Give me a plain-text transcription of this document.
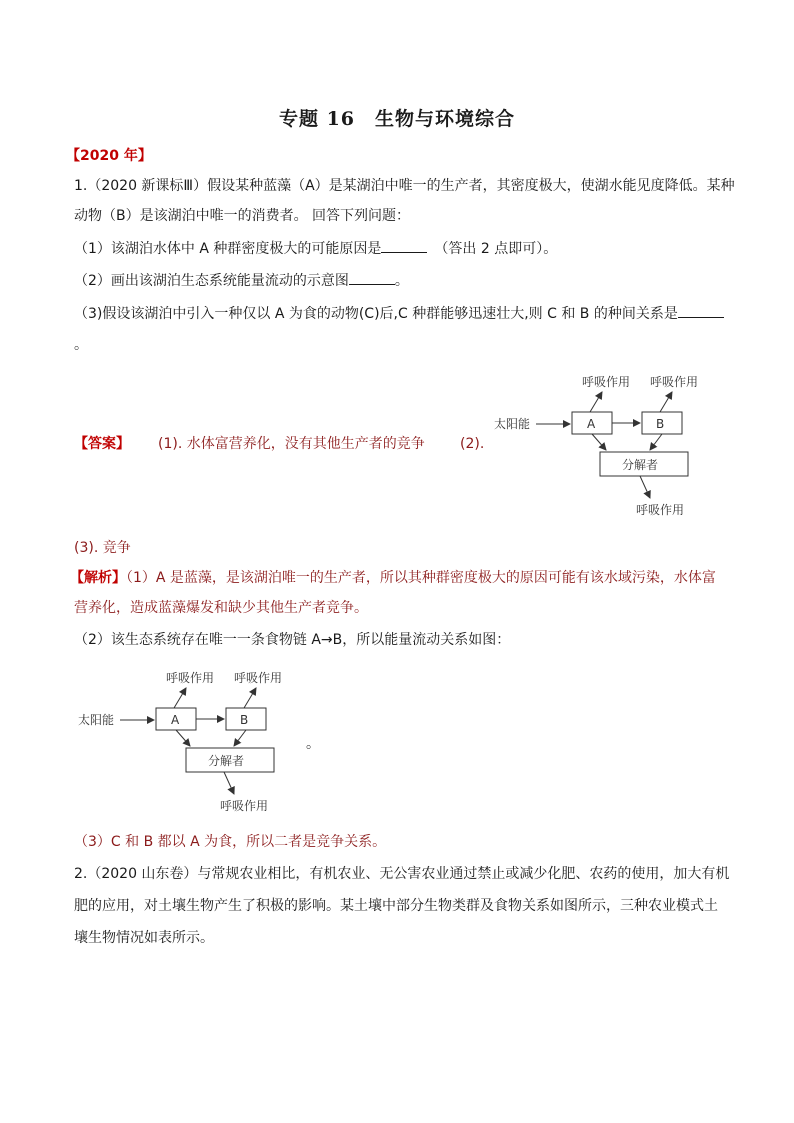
专题 16　生物与环境综合
【2020 年】
1.（2020 新课标Ⅲ）假设某种蓝藻（A）是某湖泊中唯一的生产者，其密度极大，使湖水能见度降低。某种
动物（B）是该湖泊中唯一的消费者。 回答下列问题：
（1）该湖泊水体中 A 种群密度极大的可能原因是　	（答出 2 点即可）。
（2）画出该湖泊生态系统能量流动的示意图	。
（3)假设该湖泊中引入一种仅以 A 为食的动物(C)后,C 种群能够迅速壮大,则 C 和 B 的种间关系是
。
【答案】 (1). 水体富营养化，没有其他生产者的竞争	(2).
呼吸作用 呼吸作用
太阳能	A	B
分解者
呼吸作用
(3). 竞争
【解析】（1）A 是蓝藻，是该湖泊唯一的生产者，所以其种群密度极大的原因可能有该水域污染，水体富
营养化，造成蓝藻爆发和缺少其他生产者竞争。
（2）该生态系统存在唯一一条食物链 A→B，所以能量流动关系如图：
呼吸作用 呼吸作用
太阳能	A	B
分解者
呼吸作用
。
（3）C 和 B 都以 A 为食，所以二者是竞争关系。
2.（2020 山东卷）与常规农业相比，有机农业、无公害农业通过禁止或减少化肥、农药的使用，加大有机
肥的应用，对土壤生物产生了积极的影响。某土壤中部分生物类群及食物关系如图所示，三种农业模式土
壤生物情况如表所示。
